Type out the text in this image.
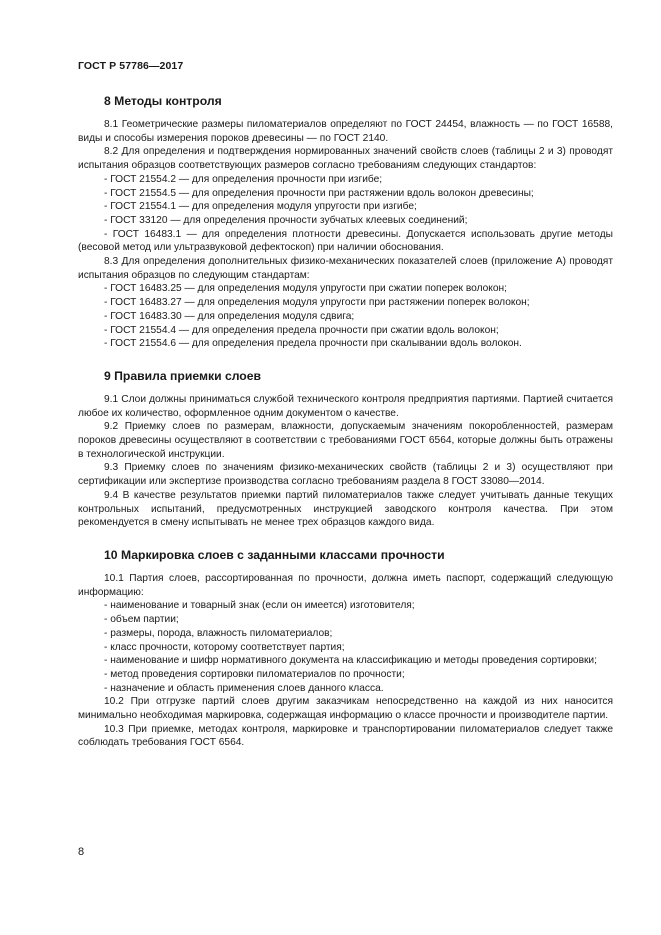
ГОСТ Р 57786—2017
8 Методы контроля

8.1 Геометрические размеры пиломатериалов определяют по ГОСТ 24454, влажность — по ГОСТ 16588, виды и способы измерения пороков древесины — по ГОСТ 2140.

8.2 Для определения и подтверждения нормированных значений свойств слоев (таблицы 2 и 3) проводят испытания образцов соответствующих размеров согласно требованиям следующих стандартов:

- ГОСТ 21554.2 — для определения прочности при изгибе;

- ГОСТ 21554.5 — для определения прочности при растяжении вдоль волокон древесины;

- ГОСТ 21554.1 — для определения модуля упругости при изгибе;

- ГОСТ 33120 — для определения прочности зубчатых клеевых соединений;

- ГОСТ 16483.1 — для определения плотности древесины. Допускается использовать другие методы (весовой метод или ультразвуковой дефектоскоп) при наличии обоснования.

8.3 Для определения дополнительных физико-механических показателей слоев (приложение А) проводят испытания образцов по следующим стандартам:

- ГОСТ 16483.25 — для определения модуля упругости при сжатии поперек волокон;

- ГОСТ 16483.27 — для определения модуля упругости при растяжении поперек волокон;

- ГОСТ 16483.30 — для определения модуля сдвига;

- ГОСТ 21554.4 — для определения предела прочности при сжатии вдоль волокон;

- ГОСТ 21554.6 — для определения предела прочности при скалывании вдоль волокон.

9 Правила приемки слоев

9.1 Слои должны приниматься службой технического контроля предприятия партиями. Партией считается любое их количество, оформленное одним документом о качестве.

9.2 Приемку слоев по размерам, влажности, допускаемым значениям покоробленностей, размерам пороков древесины осуществляют в соответствии с требованиями ГОСТ 6564, которые должны быть отражены в технологической инструкции.

9.3 Приемку слоев по значениям физико-механических свойств (таблицы 2 и 3) осуществляют при сертификации или экспертизе производства согласно требованиям раздела 8 ГОСТ 33080—2014.

9.4 В качестве результатов приемки партий пиломатериалов также следует учитывать данные текущих контрольных испытаний, предусмотренных инструкцией заводского контроля качества. При этом рекомендуется в смену испытывать не менее трех образцов каждого вида.

10 Маркировка слоев с заданными классами прочности

10.1 Партия слоев, рассортированная по прочности, должна иметь паспорт, содержащий следующую информацию:

- наименование и товарный знак (если он имеется) изготовителя;

- объем партии;

- размеры, порода, влажность пиломатериалов;

- класс прочности, которому соответствует партия;

- наименование и шифр нормативного документа на классификацию и методы проведения сортировки;

- метод проведения сортировки пиломатериалов по прочности;

- назначение и область применения слоев данного класса.

10.2 При отгрузке партий слоев другим заказчикам непосредственно на каждой из них наносится минимально необходимая маркировка, содержащая информацию о классе прочности и производителе партии.

10.3 При приемке, методах контроля, маркировке и транспортировании пиломатериалов следует также соблюдать требования ГОСТ 6564.

8
